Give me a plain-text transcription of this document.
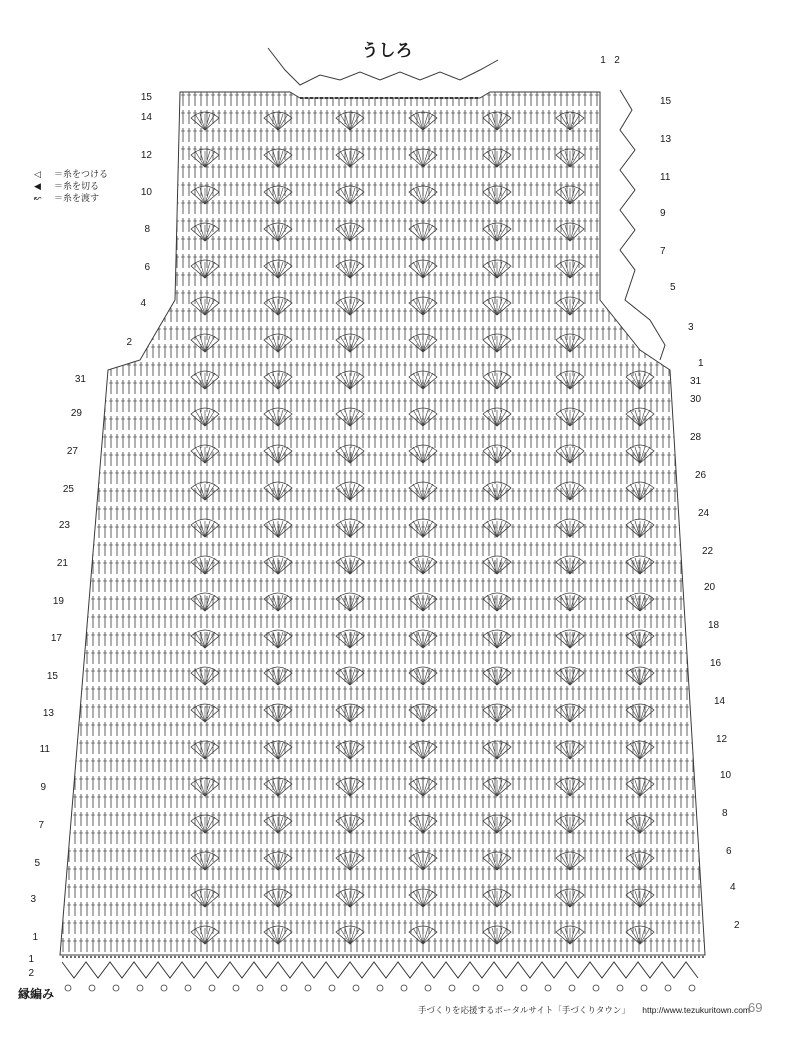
31
29
27
25
23
21
19
17
15
13
11
9
7
5
3
1
31
30
28
26
24
22
20
18
16
14
12
10
8
6
4
2
15
14
12
10
8
6
4
2
15
13
11
9
7
5
3
1
1 2
1
2
うしろ
◁	＝糸をつける
◀	＝糸を切る
↜	＝糸を渡す
縁編み
手づくりを応援するポータルサイト「手づくりタウン」 http://www.tezukuritown.com
69
